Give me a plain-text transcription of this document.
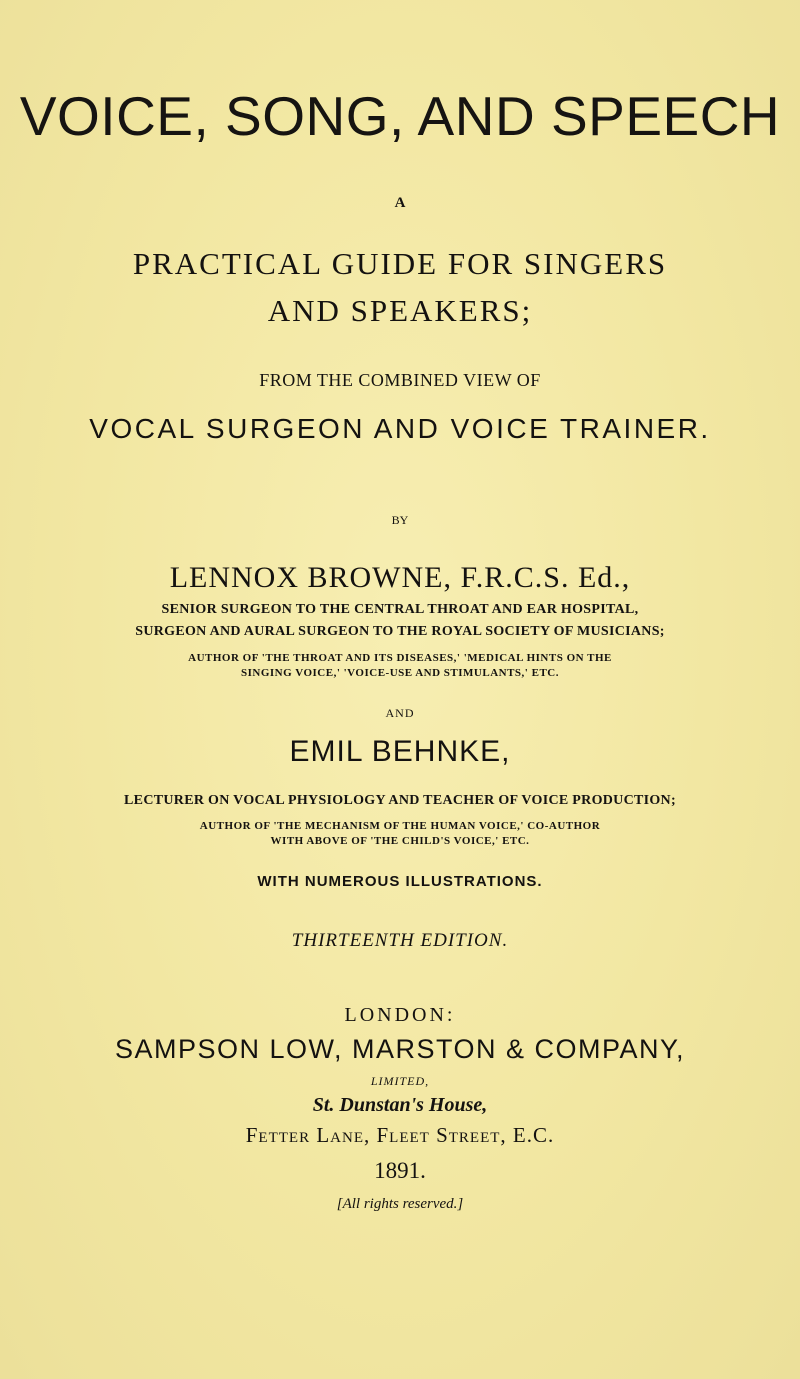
VOICE, SONG, AND SPEECH

A

PRACTICAL GUIDE FOR SINGERS

AND SPEAKERS;

FROM THE COMBINED VIEW OF

VOCAL SURGEON AND VOICE TRAINER.

BY

LENNOX BROWNE, F.R.C.S. Ed.,

SENIOR SURGEON TO THE CENTRAL THROAT AND EAR HOSPITAL,

SURGEON AND AURAL SURGEON TO THE ROYAL SOCIETY OF MUSICIANS;

AUTHOR OF 'THE THROAT AND ITS DISEASES,' 'MEDICAL HINTS ON THE

SINGING VOICE,' 'VOICE-USE AND STIMULANTS,' ETC.

AND

EMIL BEHNKE,

LECTURER ON VOCAL PHYSIOLOGY AND TEACHER OF VOICE PRODUCTION;

AUTHOR OF 'THE MECHANISM OF THE HUMAN VOICE,' CO-AUTHOR

WITH ABOVE OF 'THE CHILD'S VOICE,' ETC.

WITH NUMEROUS ILLUSTRATIONS.

THIRTEENTH EDITION.

LONDON:

SAMPSON LOW, MARSTON & COMPANY,

LIMITED,

St. Dunstan's House,

Fetter Lane, Fleet Street, E.C.

1891.

[All rights reserved.]
